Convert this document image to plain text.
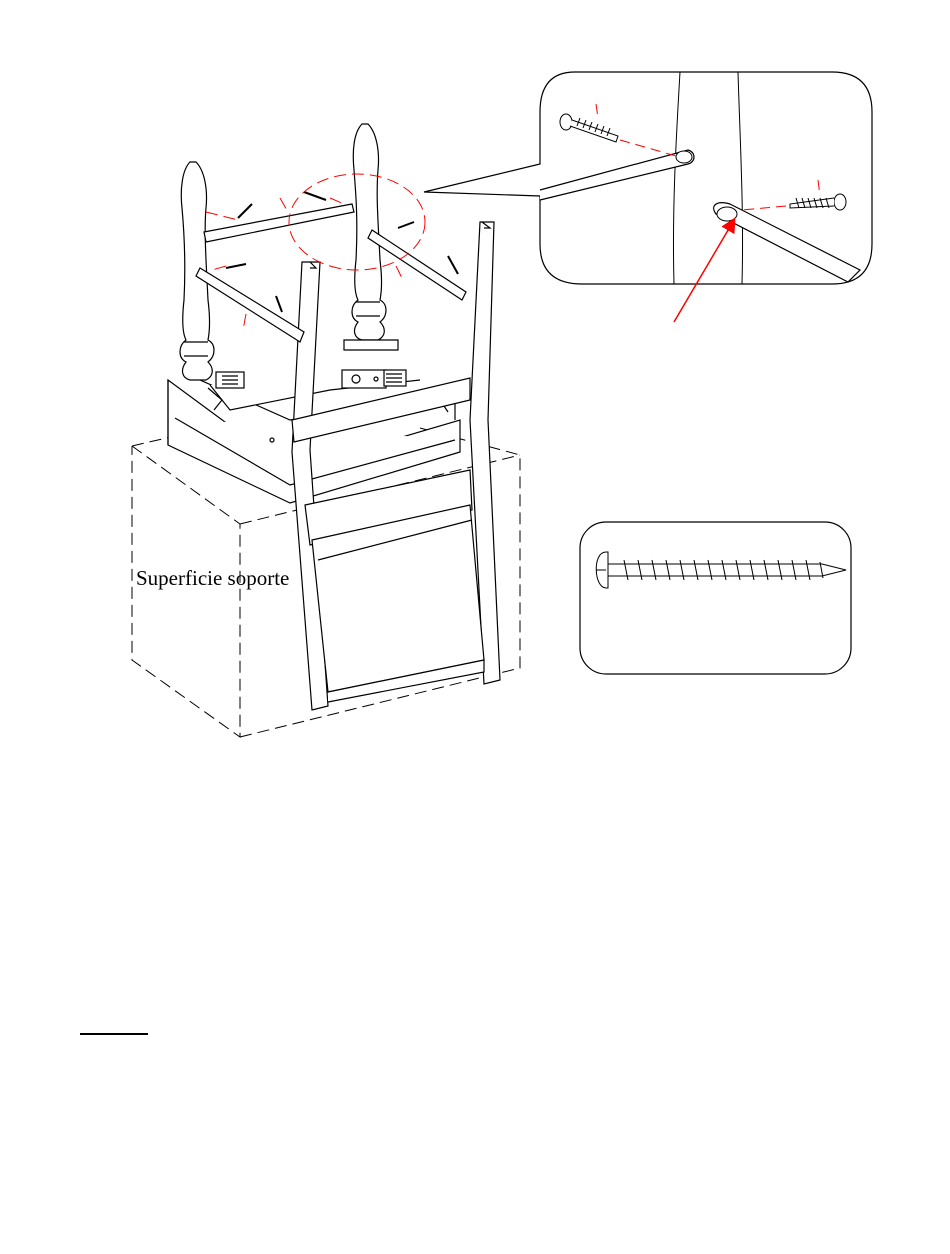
Superficie soporte
